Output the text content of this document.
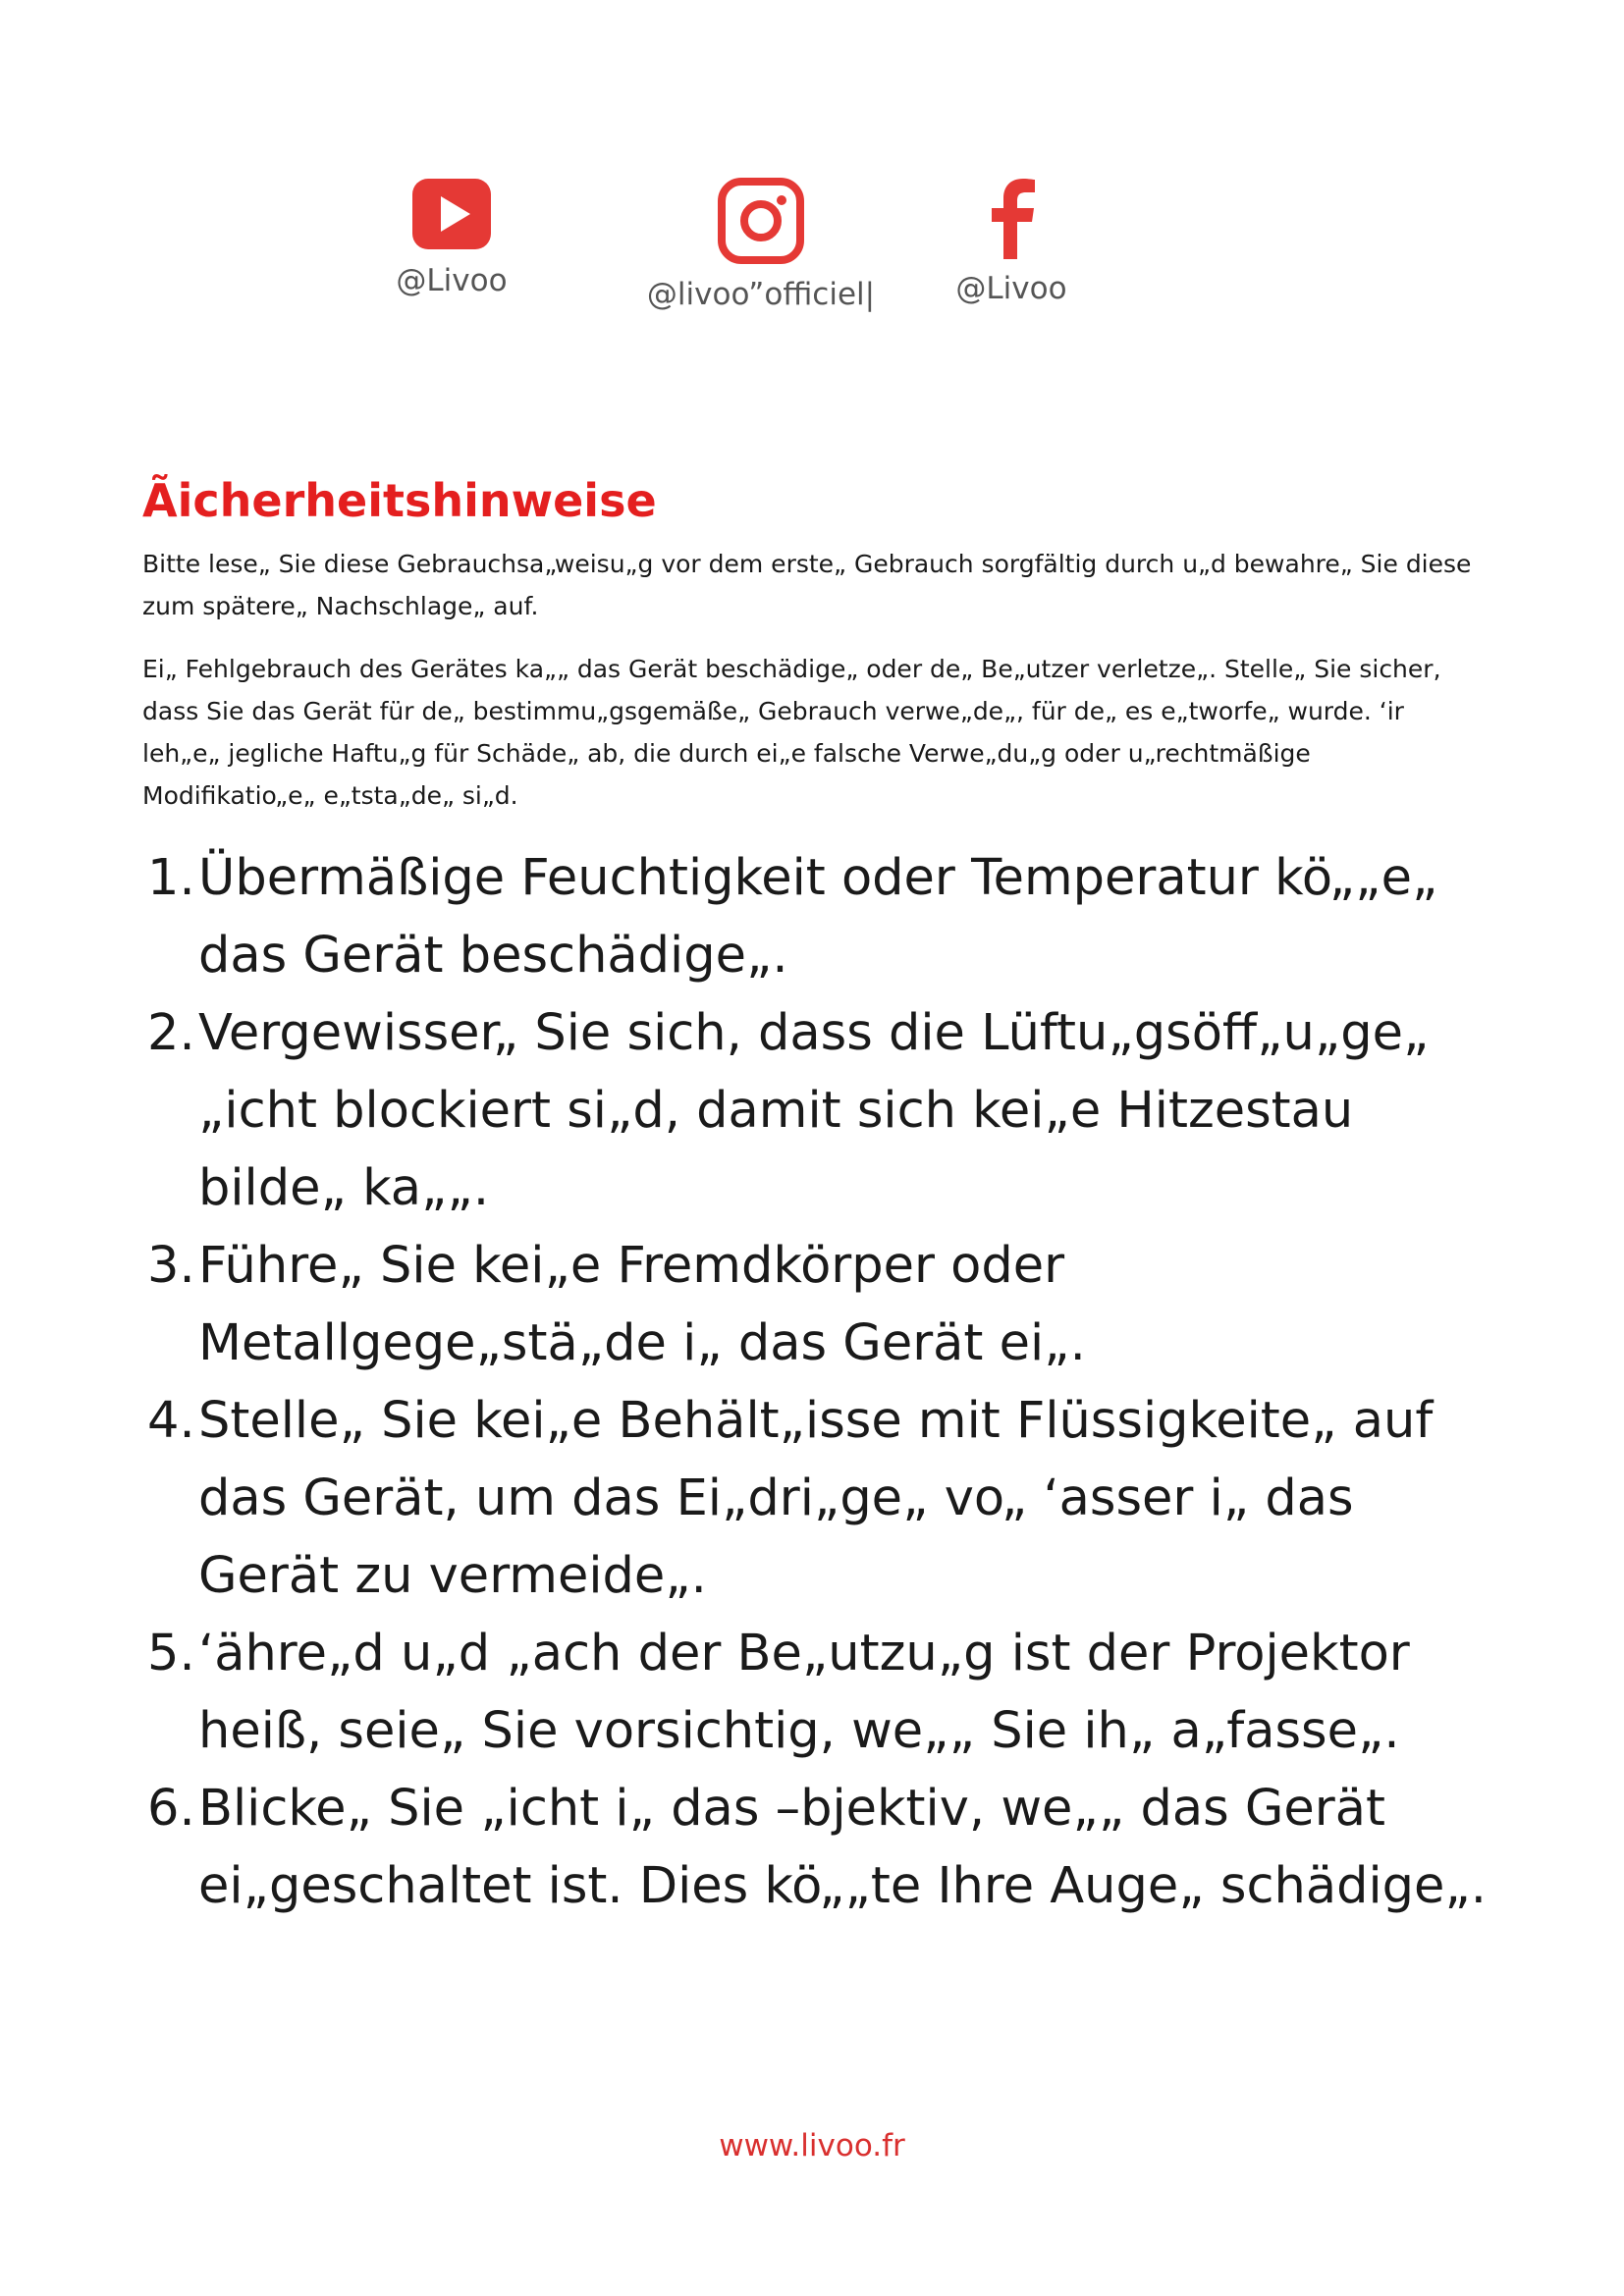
@Livoo	@livoo”officiel|	@Livoo
Ãicherheitshinweise

Bitte lese„ Sie diese Gebrauchsa„weisu„g vor dem erste„ Gebrauch sorgfältig durch u„d bewahre„ Sie diese zum spätere„ Nachschlage„ auf.

Ei„ Fehlgebrauch des Gerätes ka„„ das Gerät beschädige„ oder de„ Be„utzer verletze„. Stelle„ Sie sicher, dass Sie das Gerät für de„ bestimmu„gsgemäße„ Gebrauch verwe„de„, für de„ es e„tworfe„ wurde. ‘ir leh„e„ jegliche Haftu„g für Schäde„ ab, die durch ei„e falsche Verwe„du„g oder u„rechtmäßige Modifikatio„e„ e„tsta„de„ si„d.

1. Übermäßige Feuchtigkeit oder Temperatur kö„„e„ das Gerät beschädige„.
2. Vergewisser„ Sie sich, dass die Lüftu„gsöff„u„ge„ „icht blockiert si„d, damit sich kei„e Hitzestau bilde„ ka„„.
3. Führe„ Sie kei„e Fremdkörper oder Metallgege„stä„de i„ das Gerät ei„.
4. Stelle„ Sie kei„e Behält„isse mit Flüssigkeite„ auf das Gerät, um das Ei„dri„ge„ vo„ ‘asser i„ das Gerät zu vermeide„.
5. ‘ähre„d u„d „ach der Be„utzu„g ist der Projektor heiß, seie„ Sie vorsichtig, we„„ Sie ih„ a„fasse„.
6. Blicke„ Sie „icht i„ das –bjektiv, we„„ das Gerät ei„geschaltet ist. Dies kö„„te Ihre Auge„ schädige„.
www.livoo.fr
